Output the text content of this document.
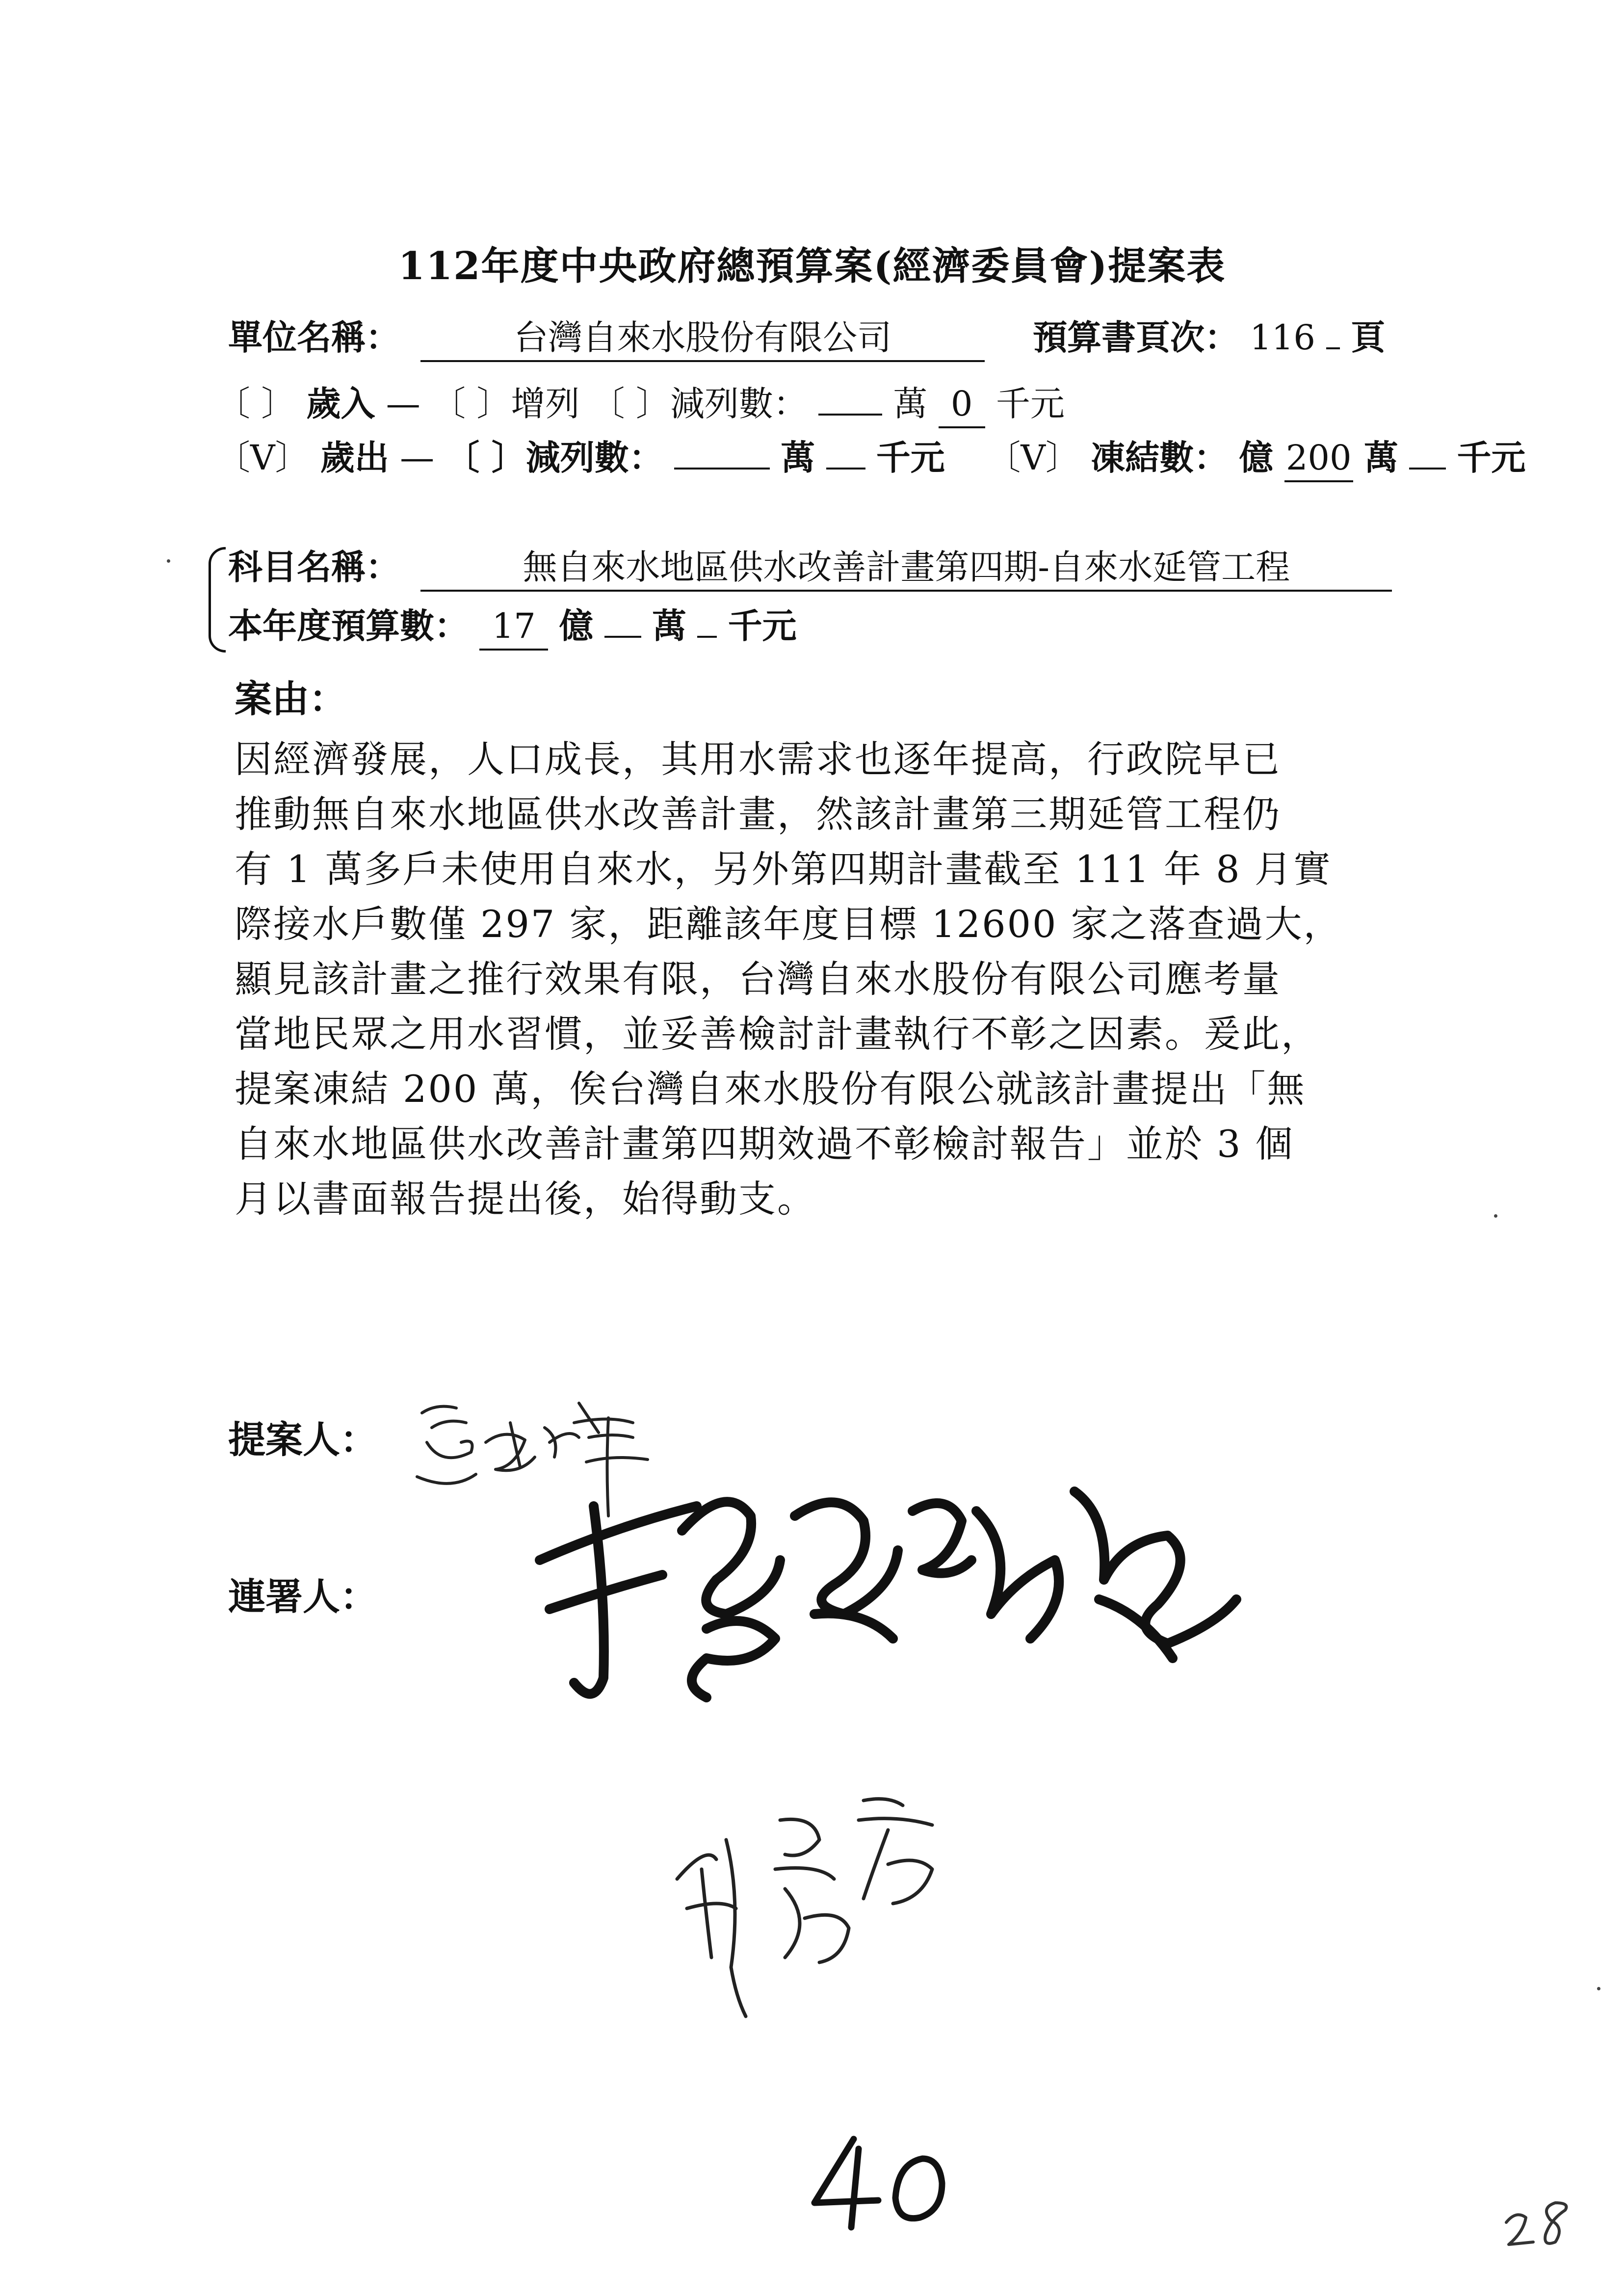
112年度中央政府總預算案(經濟委員會)提案表
單位名稱：	台灣自來水股份有限公司	預算書頁次： 116 頁
〔 〕 歲入 — 〔 〕增列 〔 〕減列數： 萬 0 千元
〔V〕 歲出 — 〔 〕減列數：	萬 千元 〔V〕 凍結數： 億 200 萬 千元
科目名稱：	無自來水地區供水改善計畫第四期-自來水延管工程
本年度預算數： 17 億 萬 千元
案由：
因經濟發展，人口成長，其用水需求也逐年提高，行政院早已
推動無自來水地區供水改善計畫，然該計畫第三期延管工程仍
有 1 萬多戶未使用自來水，另外第四期計畫截至 111 年 8 月實
際接水戶數僅 297 家，距離該年度目標 12600 家之落查過大，
顯見該計畫之推行效果有限，台灣自來水股份有限公司應考量
當地民眾之用水習慣，並妥善檢討計畫執行不彰之因素。爰此，
提案凍結 200 萬，俟台灣自來水股份有限公就該計畫提出「無
自來水地區供水改善計畫第四期效過不彰檢討報告」並於 3 個
月以書面報告提出後，始得動支。
提案人：
連署人：
